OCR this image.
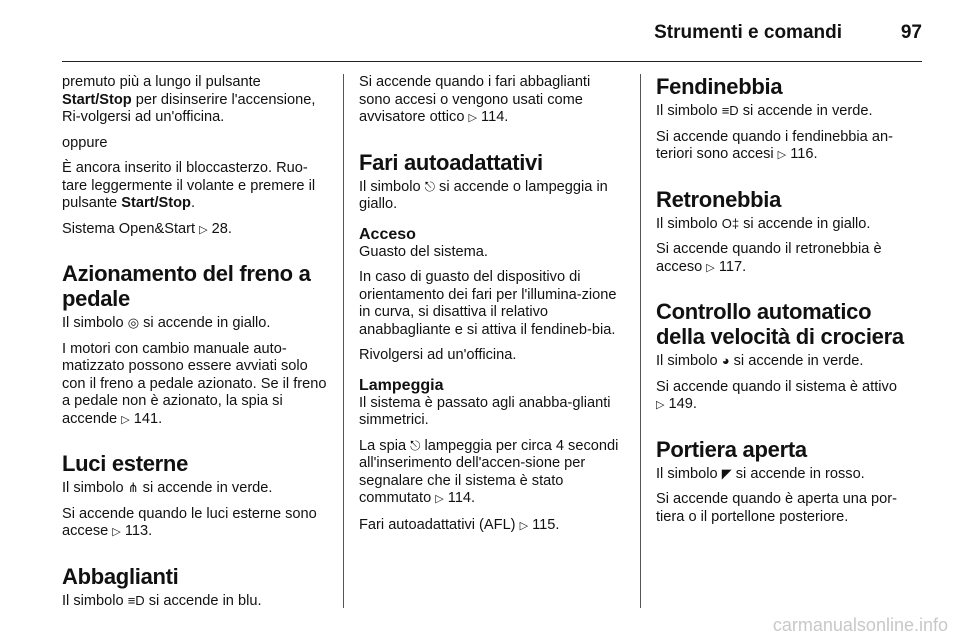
Strumenti e comandi	97

premuto più a lungo il pulsante Start/Stop per disinserire l'accensione, Ri-volgersi ad un'officina.

oppure

È ancora inserito il bloccasterzo. Ruo-tare leggermente il volante e premere il pulsante Start/Stop.

Sistema Open&Start ▷ 28.

Azionamento del freno a pedale

Il simbolo ◎ si accende in giallo.

I motori con cambio manuale auto-matizzato possono essere avviati solo con il freno a pedale azionato. Se il freno a pedale non è azionato, la spia si accende ▷ 141.

Luci esterne

Il simbolo ⋔ si accende in verde.

Si accende quando le luci esterne sono accese ▷ 113.

Abbaglianti

Il simbolo ≡D si accende in blu.

Si accende quando i fari abbaglianti sono accesi o vengono usati come avvisatore ottico ▷ 114.

Fari autoadattativi

Il simbolo ⎋ si accende o lampeggia in giallo.

Acceso

Guasto del sistema.

In caso di guasto del dispositivo di orientamento dei fari per l'illumina-zione in curva, si disattiva il relativo anabbagliante e si attiva il fendineb-bia.

Rivolgersi ad un'officina.

Lampeggia

Il sistema è passato agli anabba-glianti simmetrici.

La spia ⎋ lampeggia per circa 4 secondi all'inserimento dell'accen-sione per segnalare che il sistema è stato commutato ▷ 114.

Fari autoadattativi (AFL) ▷ 115.

Fendinebbia

Il simbolo ≡D si accende in verde.

Si accende quando i fendinebbia an-teriori sono accesi ▷ 116.

Retronebbia

Il simbolo O‡ si accende in giallo.

Si accende quando il retronebbia è acceso ▷ 117.

Controllo automatico della velocità di crociera

Il simbolo ◕ si accende in verde.

Si accende quando il sistema è attivo
▷ 149.

Portiera aperta

Il simbolo ◤ si accende in rosso.

Si accende quando è aperta una por-tiera o il portellone posteriore.

carmanualsonline.info
